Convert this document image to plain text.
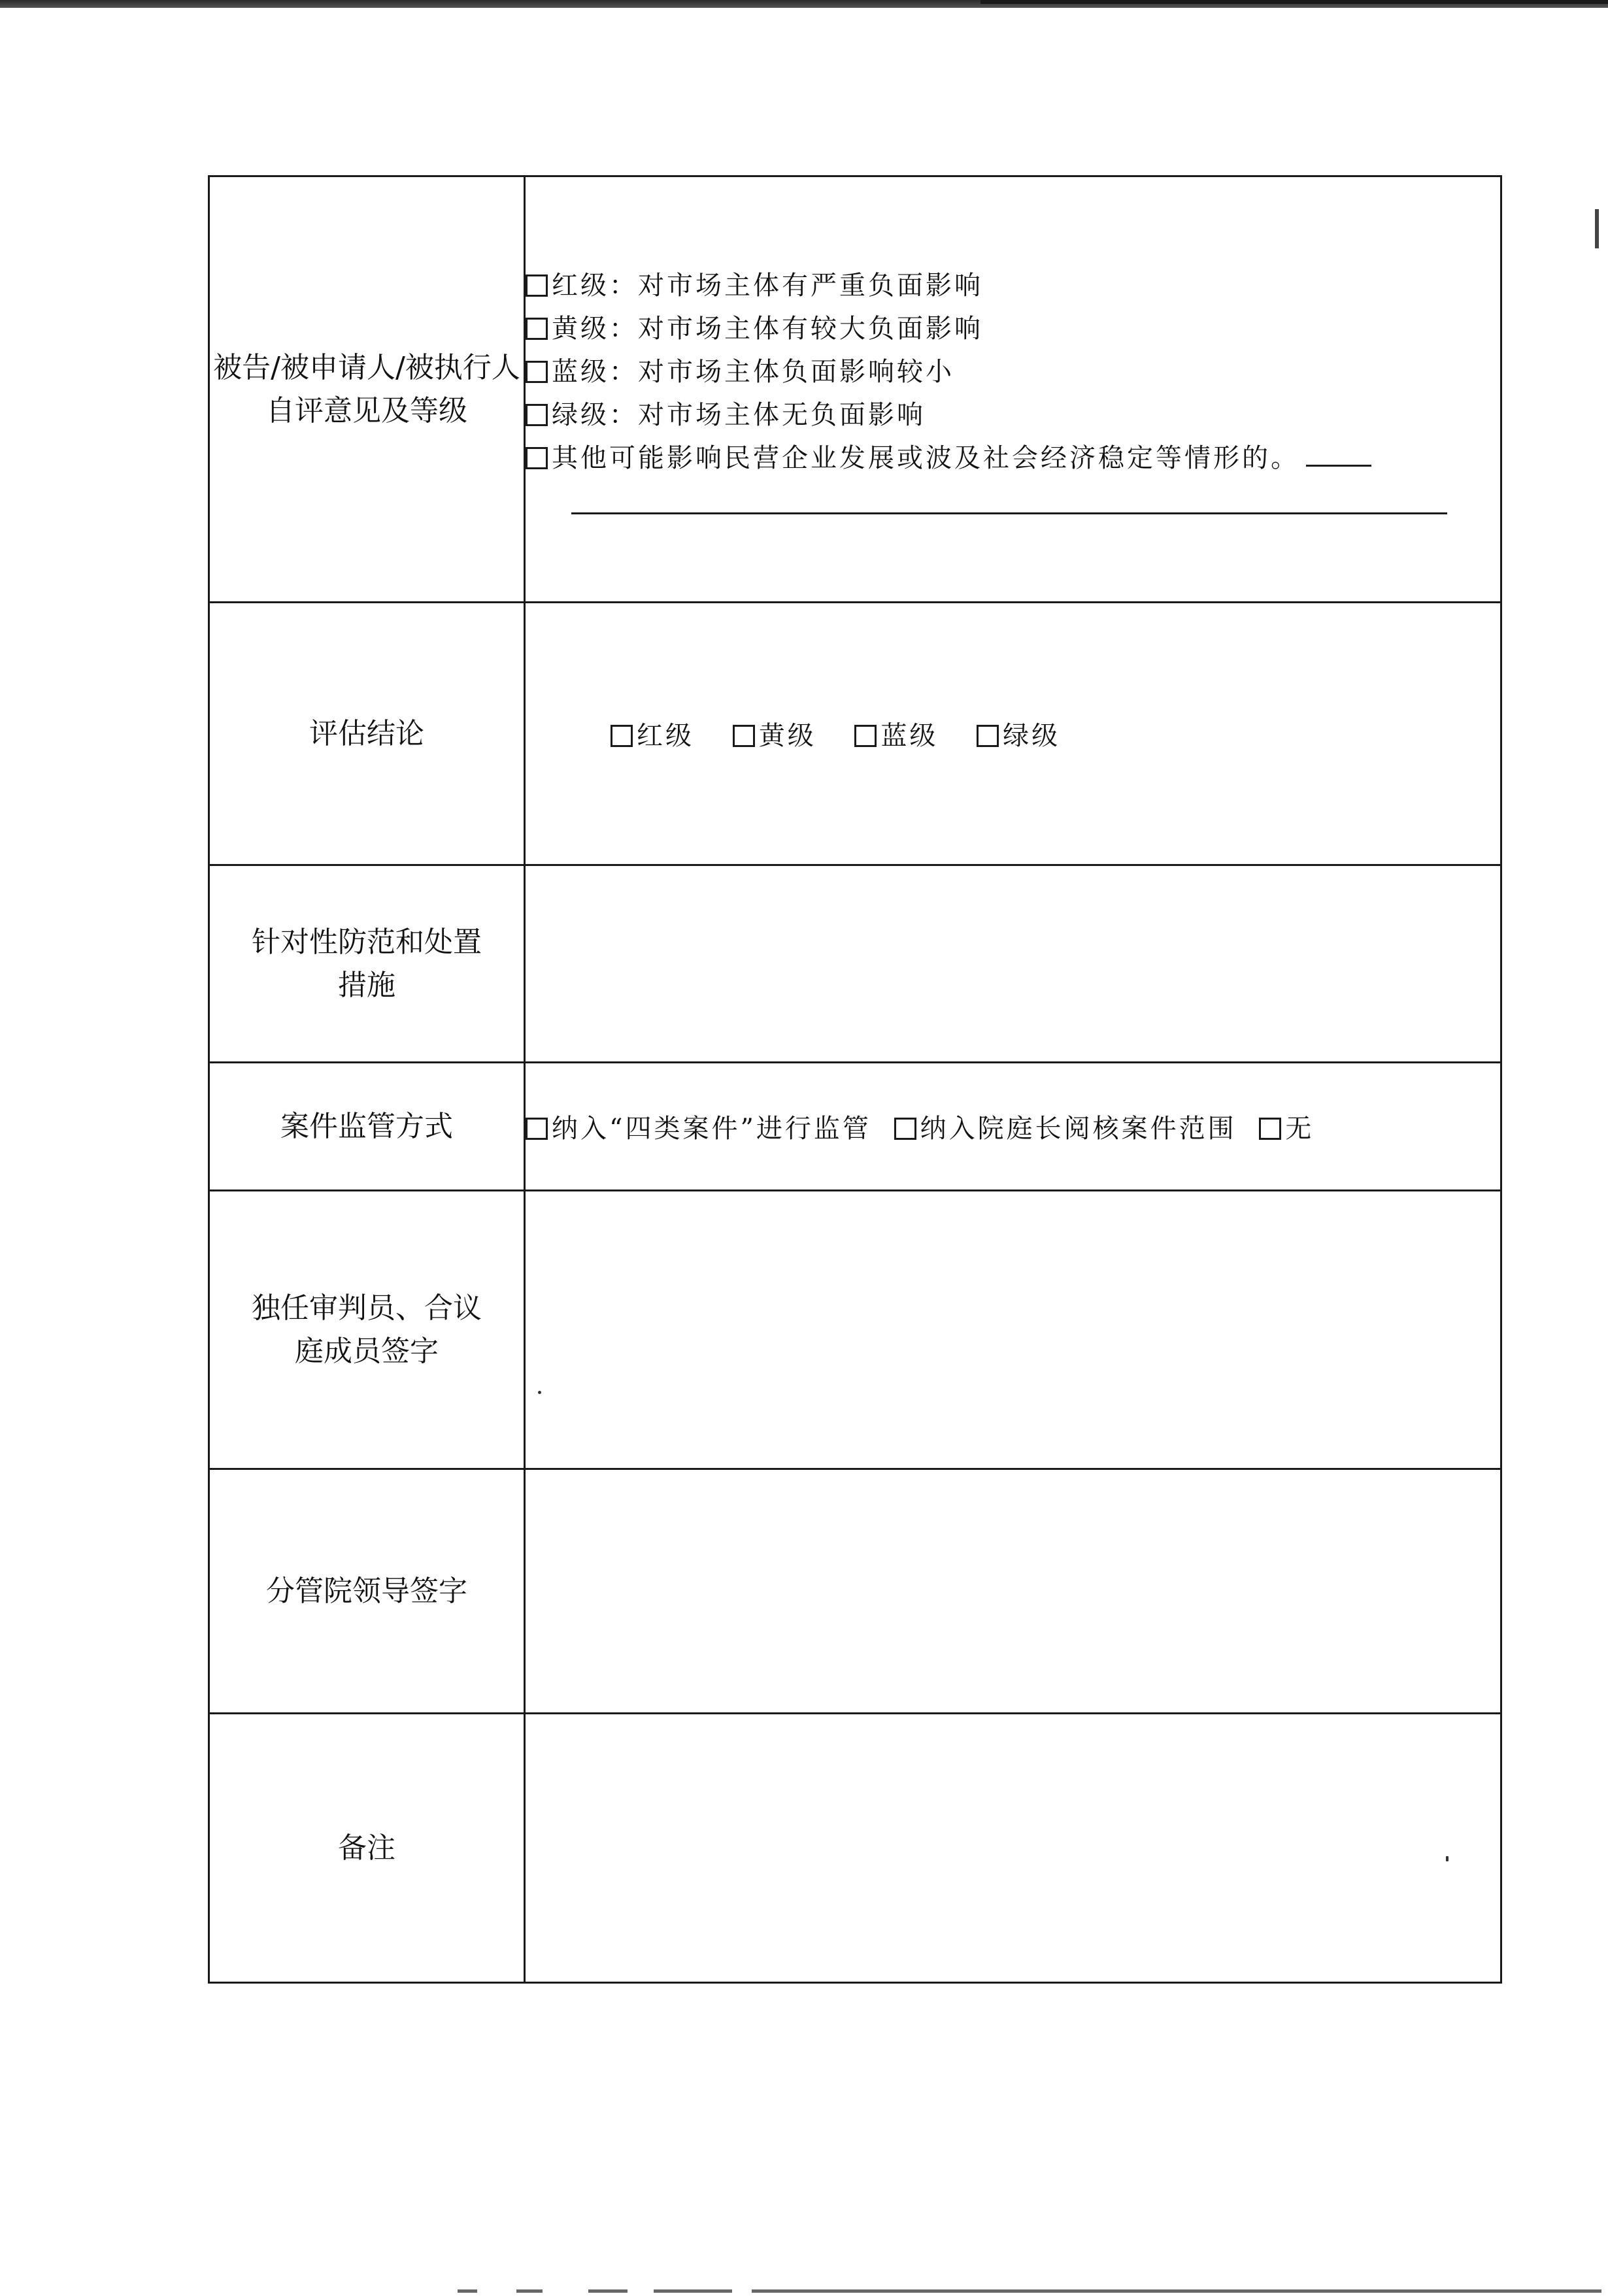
被告/被申请人/被执行人自评意见及等级	红级：对市场主体有严重负面影响
黄级：对市场主体有较大负面影响
蓝级：对市场主体负面影响较小
绿级：对市场主体无负面影响
其他可能影响民营企业发展或波及社会经济稳定等情形的。

评估结论	红级 黄级 蓝级 绿级
针对性防范和处置措施	
案件监管方式	纳入“四类案件”进行监管 纳入院庭长阅核案件范围 无
独任审判员、合议庭成员签字	
分管院领导签字	
备注	
